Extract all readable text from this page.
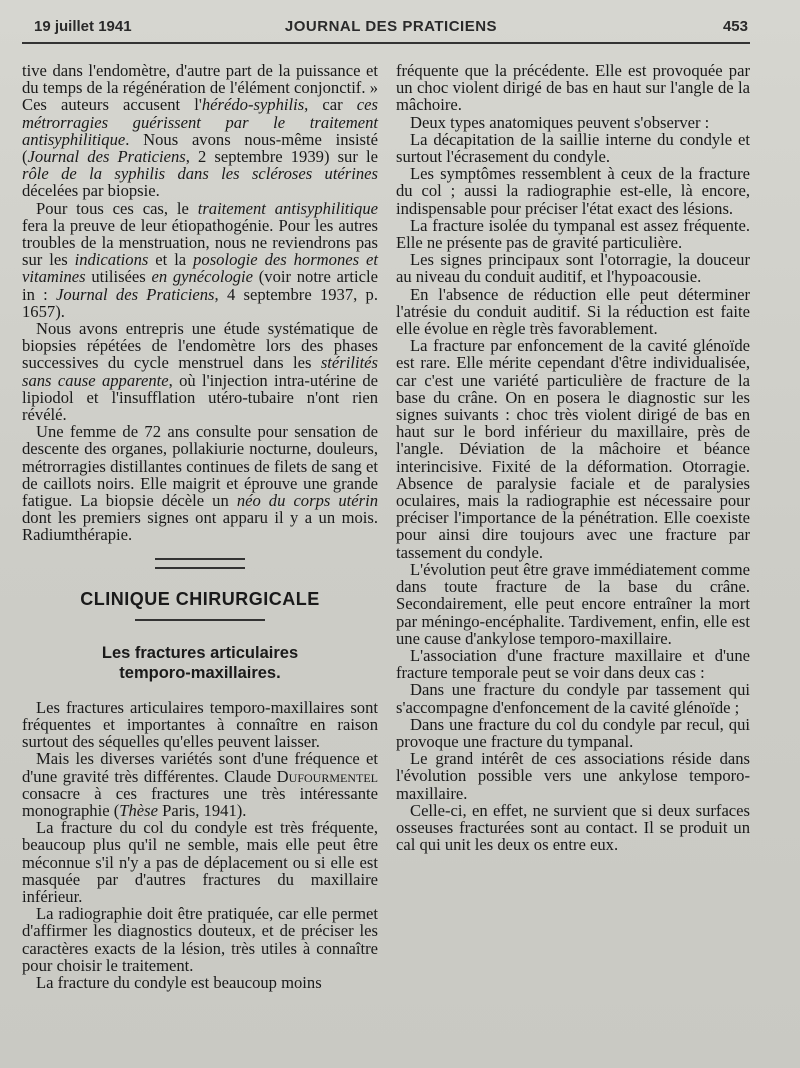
19 juillet 1941	JOURNAL DES PRATICIENS	453

tive dans l'endomètre, d'autre part de la puissance et du temps de la régénération de l'élément conjonctif. » Ces auteurs accusent l'hérédo-syphilis, car ces métrorragies guérissent par le traitement antisyphilitique. Nous avons nous-même insisté (Journal des Praticiens, 2 septembre 1939) sur le rôle de la syphilis dans les scléroses utérines décelées par biopsie.

Pour tous ces cas, le traitement antisyphilitique fera la preuve de leur étiopathogénie. Pour les autres troubles de la menstruation, nous ne reviendrons pas sur les indications et la posologie des hormones et vitamines utilisées en gynécologie (voir notre article in : Journal des Praticiens, 4 septembre 1937, p. 1657).

Nous avons entrepris une étude systématique de biopsies répétées de l'endomètre lors des phases successives du cycle menstruel dans les stérilités sans cause apparente, où l'injection intra-utérine de lipiodol et l'insufflation utéro-tubaire n'ont rien révélé.

Une femme de 72 ans consulte pour sensation de descente des organes, pollakiurie nocturne, douleurs, métrorragies distillantes continues de filets de sang et de caillots noirs. Elle maigrit et éprouve une grande fatigue. La biopsie décèle un néo du corps utérin dont les premiers signes ont apparu il y a un mois. Radiumthérapie.

CLINIQUE CHIRURGICALE
Les fractures articulaires
temporo-maxillaires.

Les fractures articulaires temporo-maxillaires sont fréquentes et importantes à connaître en raison surtout des séquelles qu'elles peuvent laisser.

Mais les diverses variétés sont d'une fréquence et d'une gravité très différentes. Claude Dufourmentel consacre à ces fractures une très intéressante monographie (Thèse Paris, 1941).

La fracture du col du condyle est très fréquente, beaucoup plus qu'il ne semble, mais elle peut être méconnue s'il n'y a pas de déplacement ou si elle est masquée par d'autres fractures du maxillaire inférieur.

La radiographie doit être pratiquée, car elle permet d'affirmer les diagnostics douteux, et de préciser les caractères exacts de la lésion, très utiles à connaître pour choisir le traitement.

La fracture du condyle est beaucoup moins

fréquente que la précédente. Elle est provoquée par un choc violent dirigé de bas en haut sur l'angle de la mâchoire.

Deux types anatomiques peuvent s'observer :

La décapitation de la saillie interne du condyle et surtout l'écrasement du condyle.

Les symptômes ressemblent à ceux de la fracture du col ; aussi la radiographie est-elle, là encore, indispensable pour préciser l'état exact des lésions.

La fracture isolée du tympanal est assez fréquente. Elle ne présente pas de gravité particulière.

Les signes principaux sont l'otorragie, la douceur au niveau du conduit auditif, et l'hypoacousie.

En l'absence de réduction elle peut déterminer l'atrésie du conduit auditif. Si la réduction est faite elle évolue en règle très favorablement.

La fracture par enfoncement de la cavité glénoïde est rare. Elle mérite cependant d'être individualisée, car c'est une variété particulière de fracture de la base du crâne. On en posera le diagnostic sur les signes suivants : choc très violent dirigé de bas en haut sur le bord inférieur du maxillaire, près de l'angle. Déviation de la mâchoire et béance interincisive. Fixité de la déformation. Otorragie. Absence de paralysie faciale et de paralysies oculaires, mais la radiographie est nécessaire pour préciser l'importance de la pénétration. Elle coexiste pour ainsi dire toujours avec une fracture par tassement du condyle.

L'évolution peut être grave immédiatement comme dans toute fracture de la base du crâne. Secondairement, elle peut encore entraîner la mort par méningo-encéphalite. Tardivement, enfin, elle est une cause d'ankylose temporo-maxillaire.

L'association d'une fracture maxillaire et d'une fracture temporale peut se voir dans deux cas :

Dans une fracture du condyle par tassement qui s'accompagne d'enfoncement de la cavité glénoïde ;

Dans une fracture du col du condyle par recul, qui provoque une fracture du tympanal.

Le grand intérêt de ces associations réside dans l'évolution possible vers une ankylose temporo-maxillaire.

Celle-ci, en effet, ne survient que si deux surfaces osseuses fracturées sont au contact. Il se produit un cal qui unit les deux os entre eux.
